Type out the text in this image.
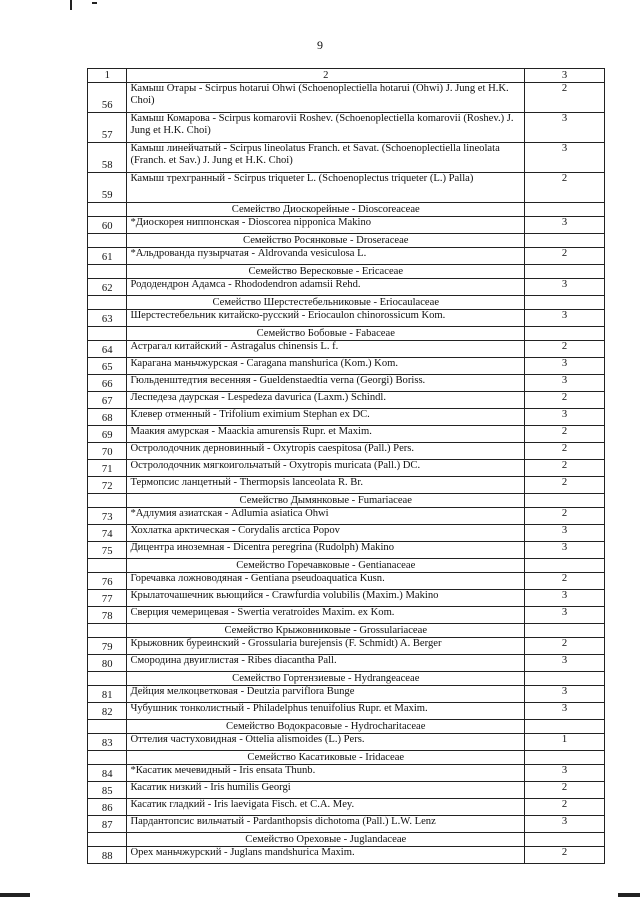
9
1	2	3
56	Камыш Отары - Scirpus hotarui Ohwi (Schoenoplectiella hotarui (Ohwi) J. Jung et H.K. Choi)	2
57	Камыш Комарова - Scirpus komarovii Roshev. (Schoenoplectiella komarovii (Roshev.) J. Jung et H.K. Choi)	3
58	Камыш линейчатый - Scirpus lineolatus Franch. et Savat. (Schoenoplectiella lineolata (Franch. et Sav.) J. Jung et H.K. Choi)	3
59	Камыш трехгранный - Scirpus triqueter L. (Schoenoplectus triqueter (L.) Palla)	2
	Семейство Диоскорейные - Dioscoreaceae	
60	*Диоскорея ниппонская - Dioscorea nipponica Makino	3
	Семейство Росянковые - Droseraceae	
61	*Альдрованда пузырчатая - Aldrovanda vesiculosa L.	2
	Семейство Вересковые - Ericaceae	
62	Рододендрон Адамса - Rhododendron adamsii Rehd.	3
	Семейство Шерстестебельниковые - Eriocaulaceae	
63	Шерстестебельник китайско-русский - Eriocaulon chinorossicum Kom.	3
	Семейство Бобовые - Fabaceae	
64	Астрагал китайский - Astragalus chinensis L. f.	2
65	Карагана маньчжурская - Caragana manshurica (Kom.) Kom.	3
66	Гюльденштедтия весенняя - Gueldenstaedtia verna (Georgi) Boriss.	3
67	Леспедеза даурская - Lespedeza davurica (Laxm.) Schindl.	2
68	Клевер отменный - Trifolium eximium Stephan ex DC.	3
69	Маакия амурская - Maackia amurensis Rupr. et Maxim.	2
70	Остролодочник дерновинный - Oxytropis caespitosa (Pall.) Pers.	2
71	Остролодочник мягкоигольчатый - Oxytropis muricata (Pall.) DC.	2
72	Термопсис ланцетный - Thermopsis lanceolata R. Br.	2
	Семейство Дымянковые - Fumariaceae	
73	*Адлумия азиатская - Adlumia asiatica Ohwi	2
74	Хохлатка арктическая - Corydalis arctica Popov	3
75	Дицентра иноземная - Dicentra peregrina (Rudolph) Makino	3
	Семейство Горечавковые - Gentianaceae	
76	Горечавка ложноводяная - Gentiana pseudoaquatica Kusn.	2
77	Крылаточашечник вьющийся - Crawfurdia volubilis (Maxim.) Makino	3
78	Сверция чемерицевая - Swertia veratroides Maxim. ex Kom.	3
	Семейство Крыжовниковые - Grossulariaceae	
79	Крыжовник буреинский - Grossularia burejensis (F. Schmidt) A. Berger	2
80	Смородина двуиглистая - Ribes diacantha Pall.	3
	Семейство Гортензиевые - Hydrangeaceae	
81	Дейция мелкоцветковая - Deutzia parviflora Bunge	3
82	Чубушник тонколистный - Philadelphus tenuifolius Rupr. et Maxim.	3
	Семейство Водокрасовые - Hydrocharitaceae	
83	Оттелия частуховидная - Ottelia alismoides (L.) Pers.	1
	Семейство Касатиковые - Iridaceae	
84	*Касатик мечевидный - Iris ensata Thunb.	3
85	Касатик низкий - Iris humilis Georgi	2
86	Касатик гладкий - Iris laevigata Fisch. et C.A. Mey.	2
87	Пардантопсис вильчатый - Pardanthopsis dichotoma (Pall.) L.W. Lenz	3
	Семейство Ореховые - Juglandaceae	
88	Орех маньчжурский - Juglans mandshurica Maxim.	2
